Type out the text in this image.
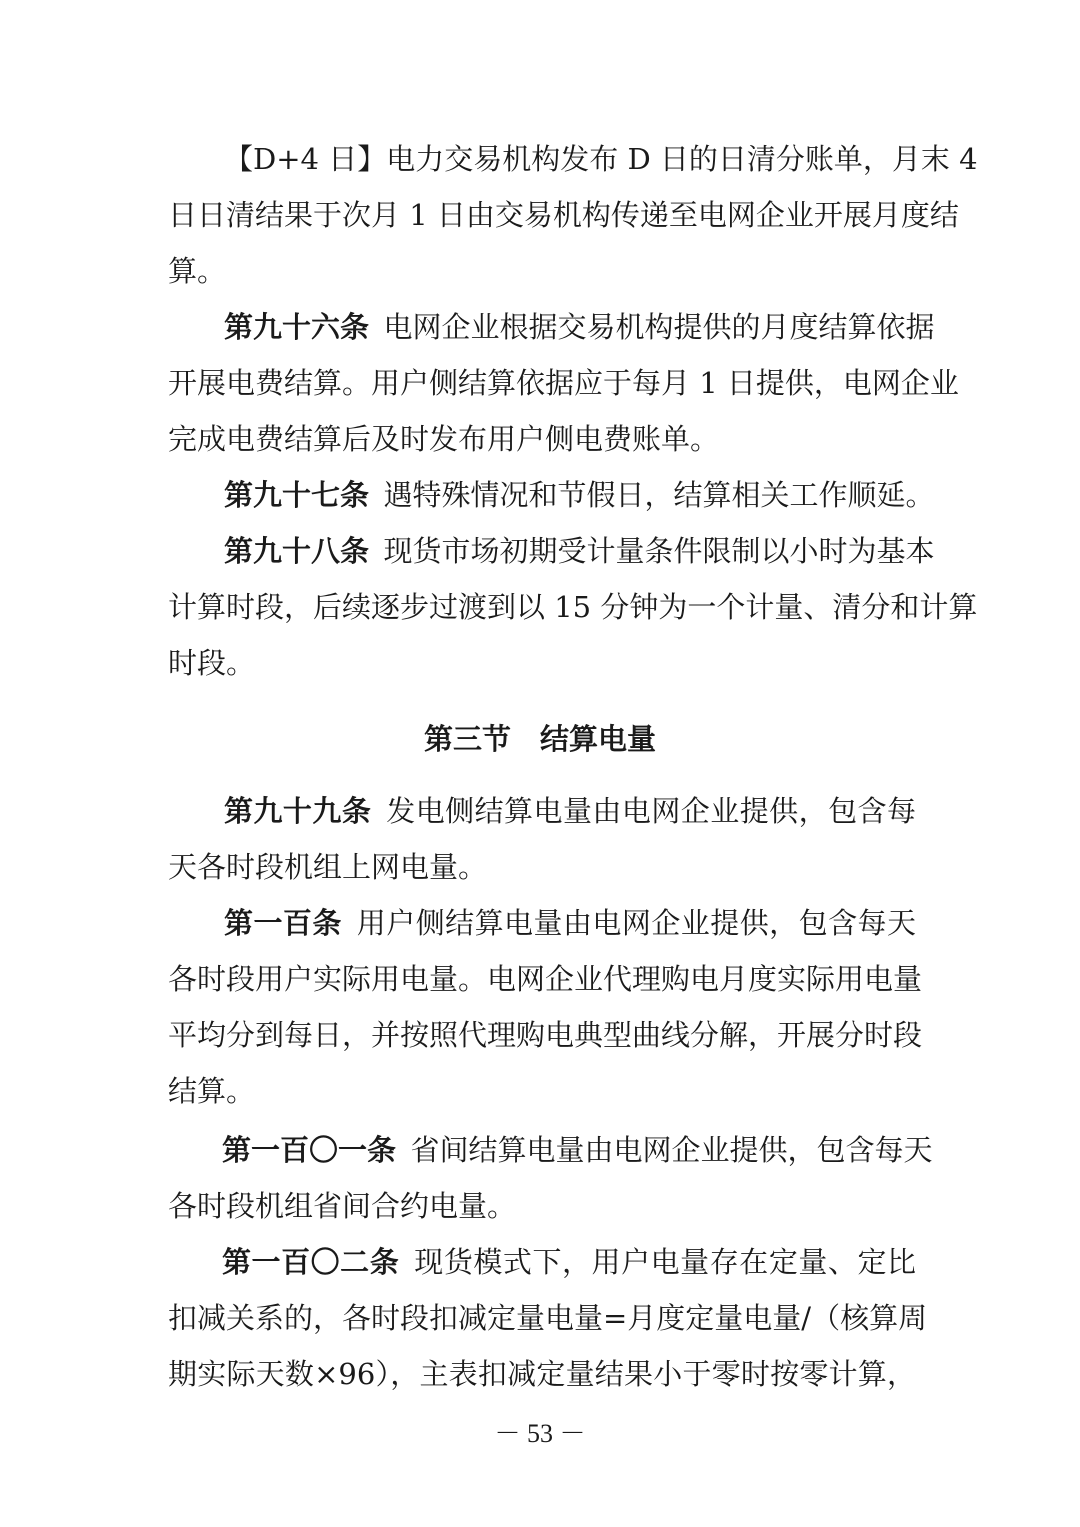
【D+4 日】电力交易机构发布 D 日的日清分账单，月末 4
日日清结果于次月 1 日由交易机构传递至电网企业开展月度结
算。
第九十六条  电网企业根据交易机构提供的月度结算依据
开展电费结算。用户侧结算依据应于每月 1 日提供，电网企业
完成电费结算后及时发布用户侧电费账单。
第九十七条  遇特殊情况和节假日，结算相关工作顺延。
第九十八条  现货市场初期受计量条件限制以小时为基本
计算时段，后续逐步过渡到以 15 分钟为一个计量、清分和计算
时段。
第三节　结算电量
第九十九条  发电侧结算电量由电网企业提供，包含每
天各时段机组上网电量。
第一百条  用户侧结算电量由电网企业提供，包含每天
各时段用户实际用电量。电网企业代理购电月度实际用电量
平均分到每日，并按照代理购电典型曲线分解，开展分时段
结算。
第一百〇一条  省间结算电量由电网企业提供，包含每天
各时段机组省间合约电量。
第一百〇二条  现货模式下，用户电量存在定量、定比
扣减关系的，各时段扣减定量电量=月度定量电量/（核算周
期实际天数×96），主表扣减定量结果小于零时按零计算，
－ 53 －
